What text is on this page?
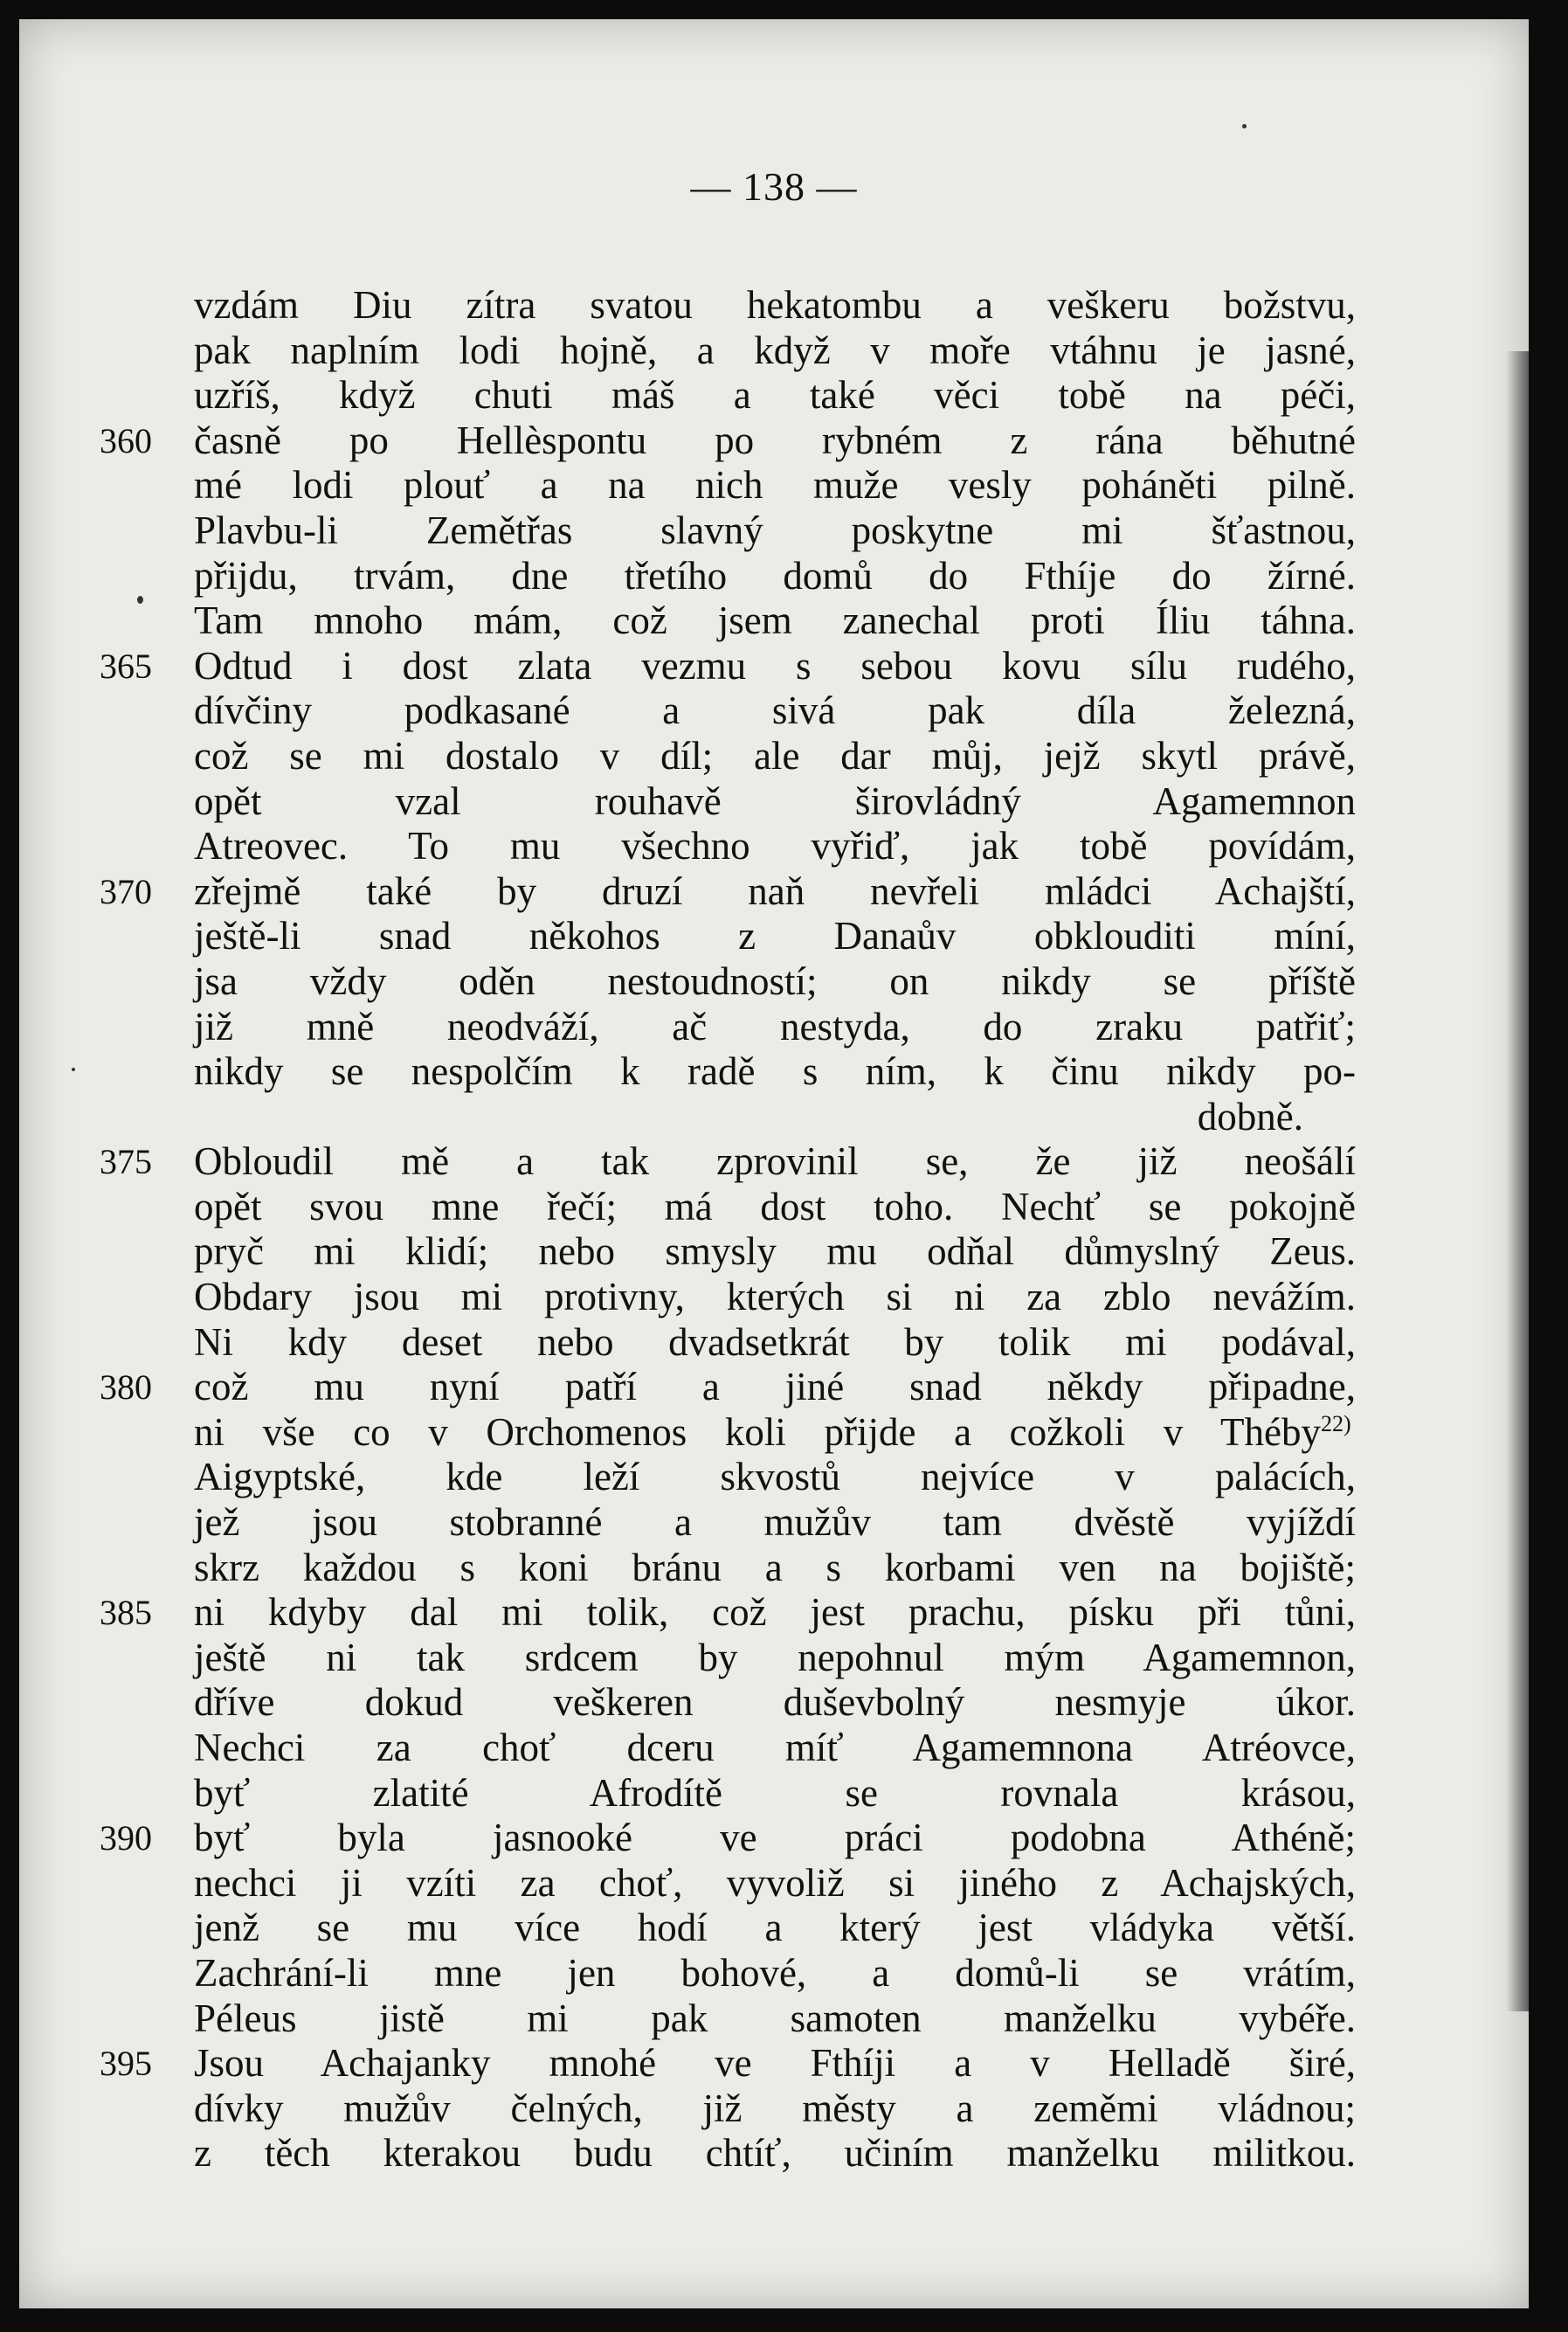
— 138 —
vzdám Diu zítra svatou hekatombu a veškeru božstvu,
pak naplním lodi hojně, a když v moře vtáhnu je jasné,
uzříš, když chuti máš a také věci tobě na péči,
360 časně po Hellèspontu po rybném z rána běhutné
mé lodi plouť a na nich muže vesly poháněti pilně.
Plavbu-li Zemětřas slavný poskytne mi šťastnou,
přijdu, trvám, dne třetího domů do Fthíje do žírné.
Tam mnoho mám, což jsem zanechal proti Íliu táhna.
365 Odtud i dost zlata vezmu s sebou kovu sílu rudého,
dívčiny podkasané a sivá pak díla železná,
což se mi dostalo v díl; ale dar můj, jejž skytl právě,
opět vzal rouhavě širovládný Agamemnon
Atreovec. To mu všechno vyřiď, jak tobě povídám,
370 zřejmě také by druzí naň nevřeli mládci Achajští,
ještě-li snad někohos z Danaův obklouditi míní,
jsa vždy oděn nestoudností; on nikdy se příště
již mně neodváží, ač nestyda, do zraku patřiť;
nikdy se nespolčím k radě s ním, k činu nikdy po-
dobně.
375 Obloudil mě a tak zprovinil se, že již neošálí
opět svou mne řečí; má dost toho. Nechť se pokojně
pryč mi klidí; nebo smysly mu odňal důmyslný Zeus.
Obdary jsou mi protivny, kterých si ni za zblo nevážím.
Ni kdy deset nebo dvadsetkrát by tolik mi podával,
380 což mu nyní patří a jiné snad někdy připadne,
ni vše co v Orchomenos koli přijde a cožkoli v Théby$^{22)}$
Aigyptské, kde leží skvostů nejvíce v palácích,
jež jsou stobranné a mužův tam dvěstě vyjíždí
skrz každou s koni bránu a s korbami ven na bojiště;
385 ni kdyby dal mi tolik, což jest prachu, písku při tůni,
ještě ni tak srdcem by nepohnul mým Agamemnon,
dříve dokud veškeren duševbolný nesmyje úkor.
Nechci za choť dceru míť Agamemnona Atréovce,
byť zlatité Afrodítě se rovnala krásou,
390 byť byla jasnooké ve práci podobna Athéně;
nechci ji vzíti za choť, vyvoliž si jiného z Achajských,
jenž se mu více hodí a který jest vládyka větší.
Zachrání-li mne jen bohové, a domů-li se vrátím,
Péleus jistě mi pak samoten manželku vybéře.
395 Jsou Achajanky mnohé ve Fthíji a v Helladě širé,
dívky mužův čelných, již městy a zeměmi vládnou;
z těch kterakou budu chtíť, učiním manželku militkou.
